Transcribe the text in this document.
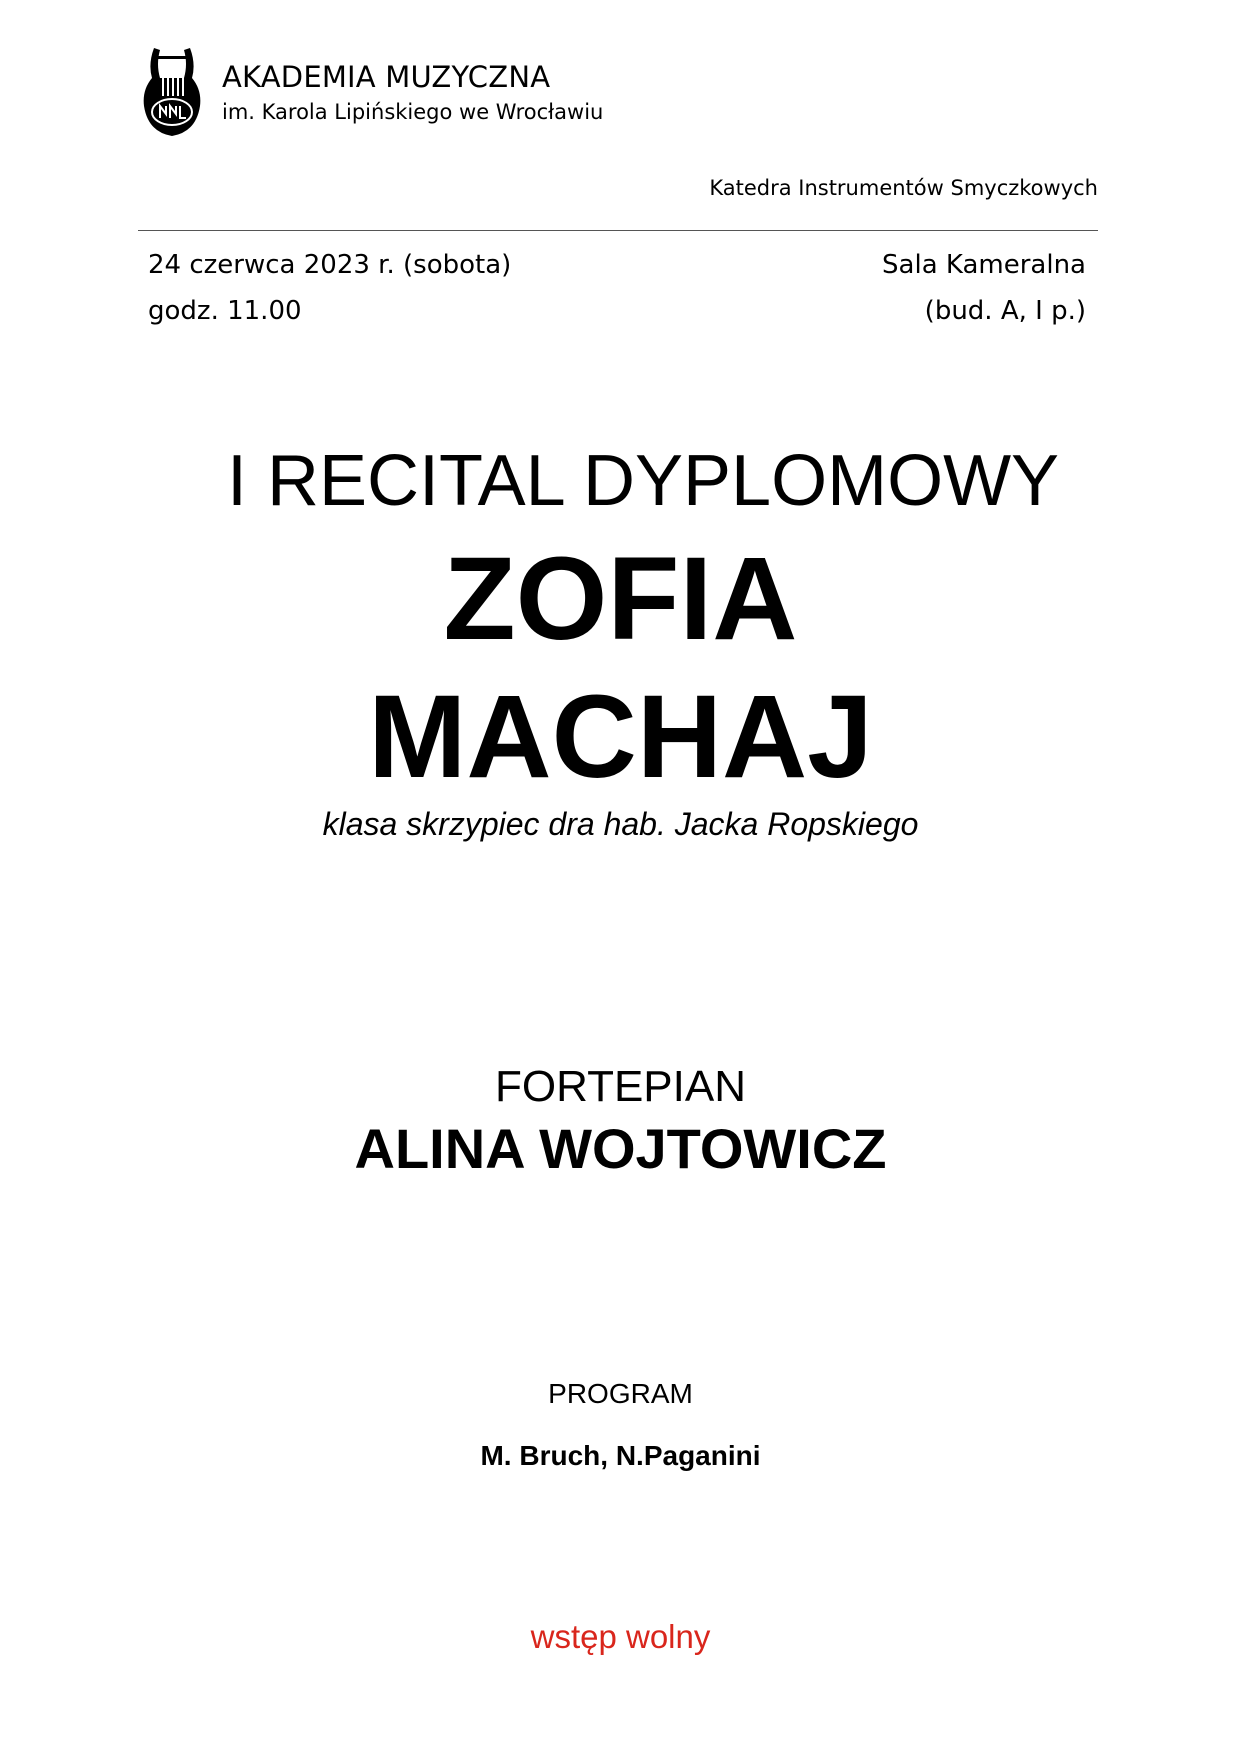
AKADEMIA MUZYCZNA
im. Karola Lipińskiego we Wrocławiu
Katedra Instrumentów Smyczkowych
24 czerwca 2023 r. (sobota)
godz. 11.00
Sala Kameralna
(bud. A, I p.)
I RECITAL DYPLOMOWY
ZOFIA
MACHAJ
klasa skrzypiec dra hab. Jacka Ropskiego
FORTEPIAN
ALINA WOJTOWICZ
PROGRAM
M. Bruch, N.Paganini
wstęp wolny
